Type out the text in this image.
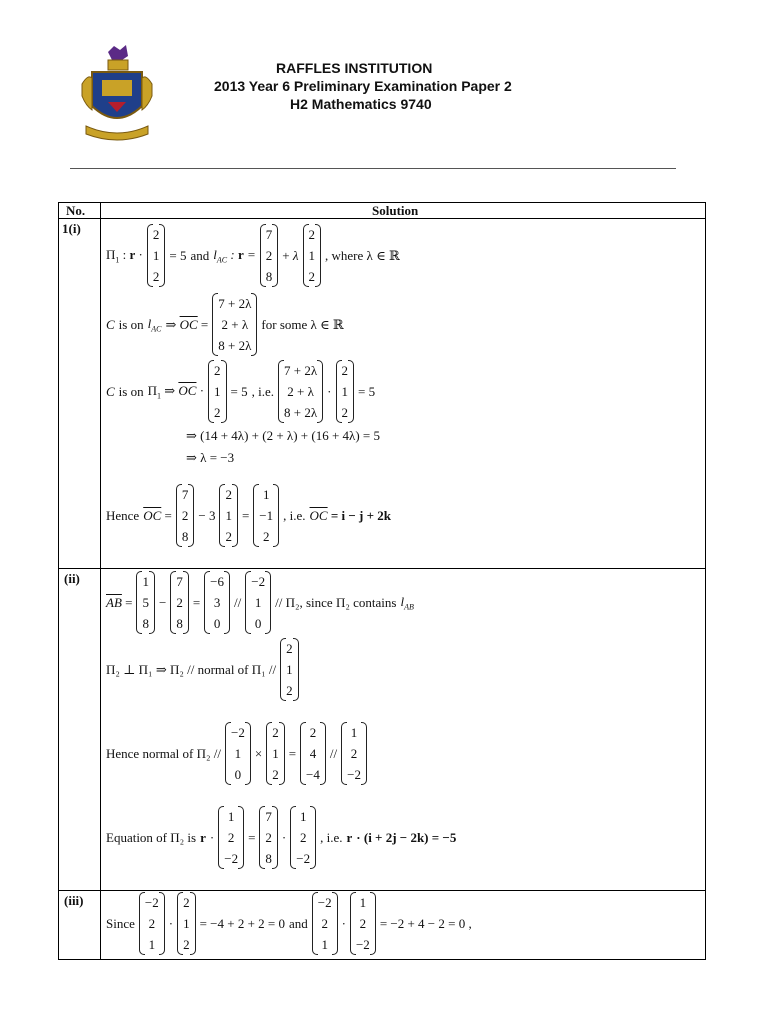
RAFFLES INSTITUTION
2013 Year 6 Preliminary Examination Paper 2
H2 Mathematics 9740
No.	Solution
1(i)
(ii)
(iii)
$\Pi_1$ : r ·
2
1
2
= 5 and $l_{AC}$ : r =
7
2
8
+ λ
2
1
2
, where λ ∈ ℝ
C is on $l_{AC}$ ⇒ $\overline{OC}$ =
7 + 2λ
2 + λ
8 + 2λ
for some λ ∈ ℝ
C is on $\Pi_1$ ⇒ $\overline{OC}$ ·
2
1
2
= 5 , i.e.
7 + 2λ
2 + λ
8 + 2λ
·
2
1
2
= 5
⇒ (14 + 4λ) + (2 + λ) + (16 + 4λ) = 5
⇒ λ = −3
Hence $\overline{OC}$ =
7
2
8
− 3
2
1
2
=
1
−1
2
, i.e. $\overline{OC} = i - j + 2k$
$\overline{AB}$ =
1
5
8
−
7
2
8
=
−6
3
0
//
−2
1
0
// Π₂, since Π₂ contains $l_{AB}$
Π₂ ⊥ Π₁ ⇒ Π₂ // normal of Π₁ //
2
1
2
Hence normal of Π₂ //
−2
1
0
×
2
1
2
=
2
4
−4
//
1
2
−2
Equation of Π₂ is r ·
1
2
−2
=
7
2
8
·
1
2
−2
, i.e. r · (i + 2j − 2k) = −5
Since
−2
2
1
·
2
1
2
= −4 + 2 + 2 = 0 and
−2
2
1
·
1
2
−2
= −2 + 4 − 2 = 0 ,
